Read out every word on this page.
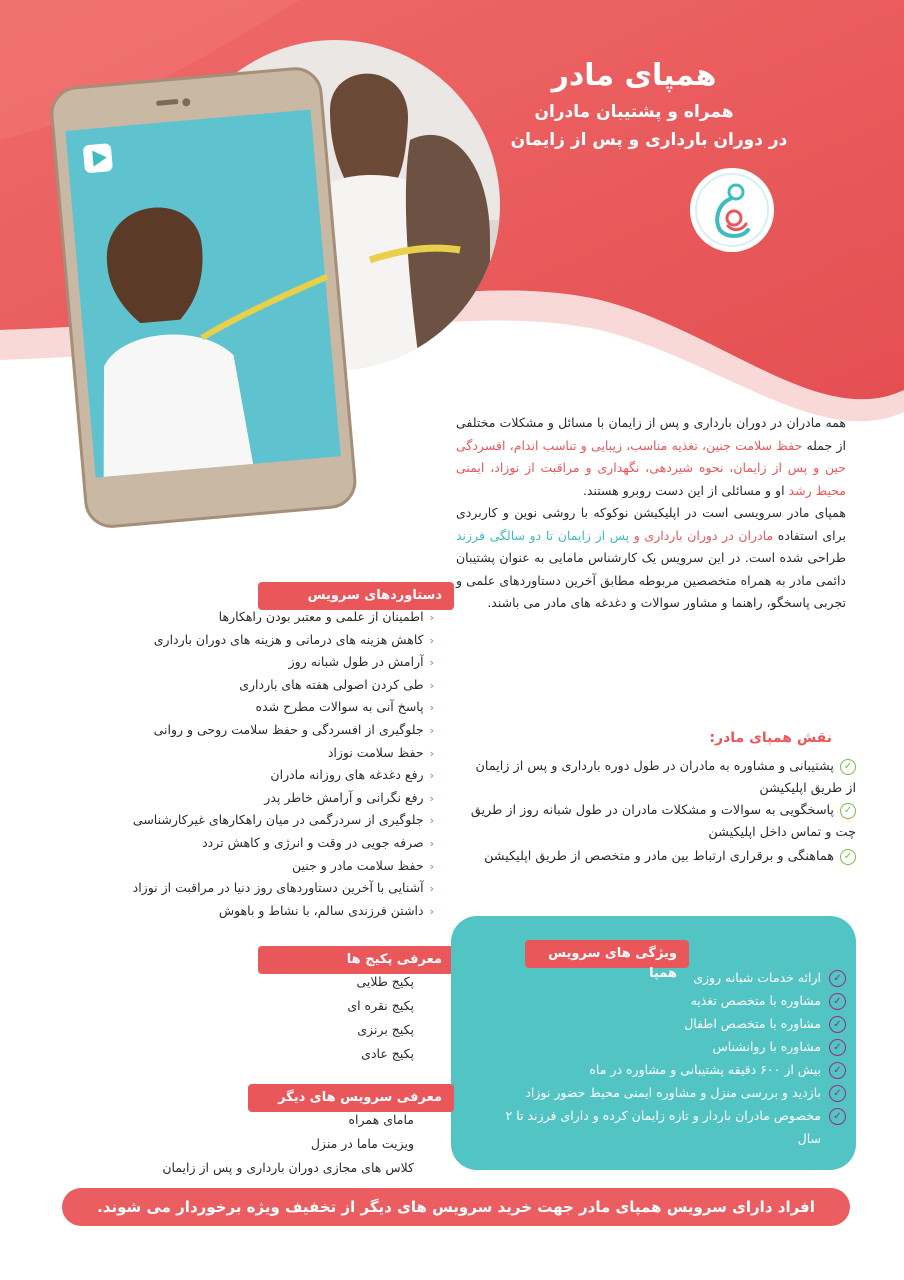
همپای مادر
همراه و پشتیبان مادران
در دوران بارداری و پس از زایمان
همه مادران در دوران بارداری و پس از زایمان با مسائل و مشکلات مختلفی از جمله حفظ سلامت جنین، تغذیه مناسب، زیبایی و تناسب اندام، افسردگی حین و پس از زایمان، نحوه شیردهی، نگهداری و مراقبت از نوزاد، ایمنی محیط رشد او و مسائلی از این دست روبرو هستند.
همپای مادر سرویسی است در اپلیکیشن نوکوکه با روشی نوین و کاربردی برای استفاده مادران در دوران بارداری و پس از زایمان تا دو سالگی فرزند طراحی شده است. در این سرویس یک کارشناس مامایی به عنوان پشتیبان دائمی مادر به همراه متخصصین مربوطه مطابق آخرین دستاوردهای علمی و تجربی پاسخگو، راهنما و مشاور سوالات و دغدغه های مادر می باشند.
دستاوردهای سرویس
‹اطمینان از علمی و معتبر بودن راهکارها
‹کاهش هزینه های درمانی و هزینه های دوران بارداری
‹آرامش در طول شبانه روز
‹طی کردن اصولی هفته های بارداری
‹پاسخ آنی به سوالات مطرح شده
‹جلوگیری از افسردگی و حفظ سلامت روحی و روانی
‹حفظ سلامت نوزاد
‹رفع دغدغه های روزانه مادران
‹رفع نگرانی و آرامش خاطر پدر
‹جلوگیری از سردرگمی در میان راهکارهای غیرکارشناسی
‹صرفه جویی در وقت و انرژی و کاهش تردد
‹حفظ سلامت مادر و جنین
‹آشنایی با آخرین دستاوردهای روز دنیا در مراقبت از نوزاد
‹داشتن فرزندی سالم، با نشاط و باهوش
نقش همپای مادر:
✓پشتیبانی و مشاوره به مادران در طول دوره بارداری و پس از زایمان از طریق اپلیکیشن
✓پاسخگویی به سوالات و مشکلات مادران در طول شبانه روز از طریق چت و تماس داخل اپلیکیشن
✓هماهنگی و برقراری ارتباط بین مادر و متخصص از طریق اپلیکیشن
معرفی پکیج ها
پکیج طلایی
پکیج نقره ای
پکیج برنزی
پکیج عادی
ویژگی های سرویس همپا	✓ارائه خدمات شبانه روزی
✓مشاوره با متخصص تغذیه
✓مشاوره با متخصص اطفال
✓مشاوره با روانشناس
✓بیش از ۶۰۰ دقیقه پشتیبانی و مشاوره در ماه
✓بازدید و بررسی منزل و مشاوره ایمنی محیط حضور نوزاد
✓مخصوص مادران باردار و تازه زایمان کرده و دارای فرزند تا ۲ سال
معرفی سرویس های دیگر
مامای همراه
ویزیت ماما در منزل
کلاس های مجازی دوران بارداری و پس از زایمان
افراد دارای سرویس همپای مادر جهت خرید سرویس های دیگر از تخفیف ویژه برخوردار می شوند.
